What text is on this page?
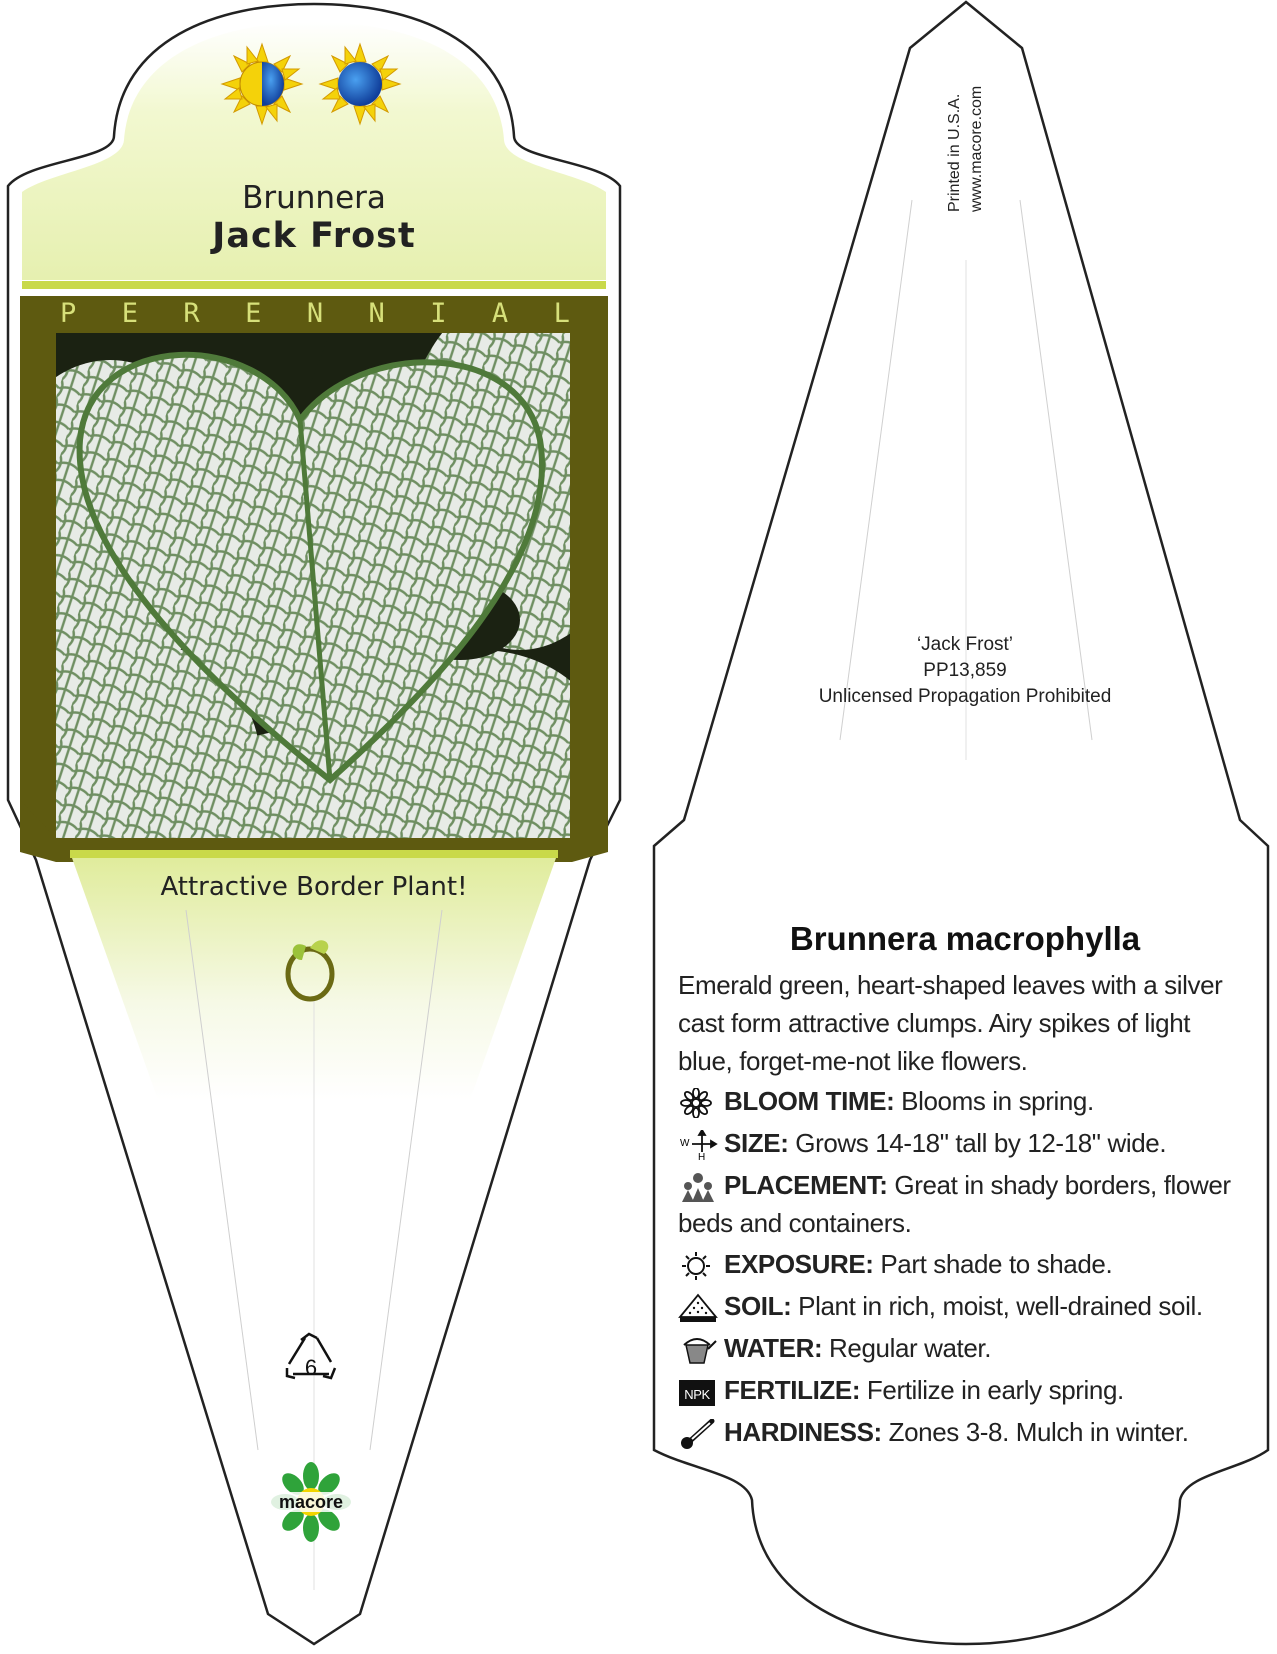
Brunnera
Jack Frost
P E R E N N I A L
Attractive Border Plant!
6
macore
Printed in U.S.A. www.macore.com
‘Jack Frost’
PP13,859
Unlicensed Propagation Prohibited
Brunnera macrophylla
Emerald green, heart-shaped leaves with a silver cast form attractive clumps. Airy spikes of light blue, forget-me-not like flowers.
BLOOM TIME: Blooms in spring.
W
H SIZE: Grows 14-18" tall by 12-18" wide.
PLACEMENT: Great in shady borders, flower beds and containers.
EXPOSURE: Part shade to shade.
SOIL: Plant in rich, moist, well-drained soil.
WATER: Regular water.
NPK FERTILIZE: Fertilize in early spring.
HARDINESS: Zones 3-8. Mulch in winter.
